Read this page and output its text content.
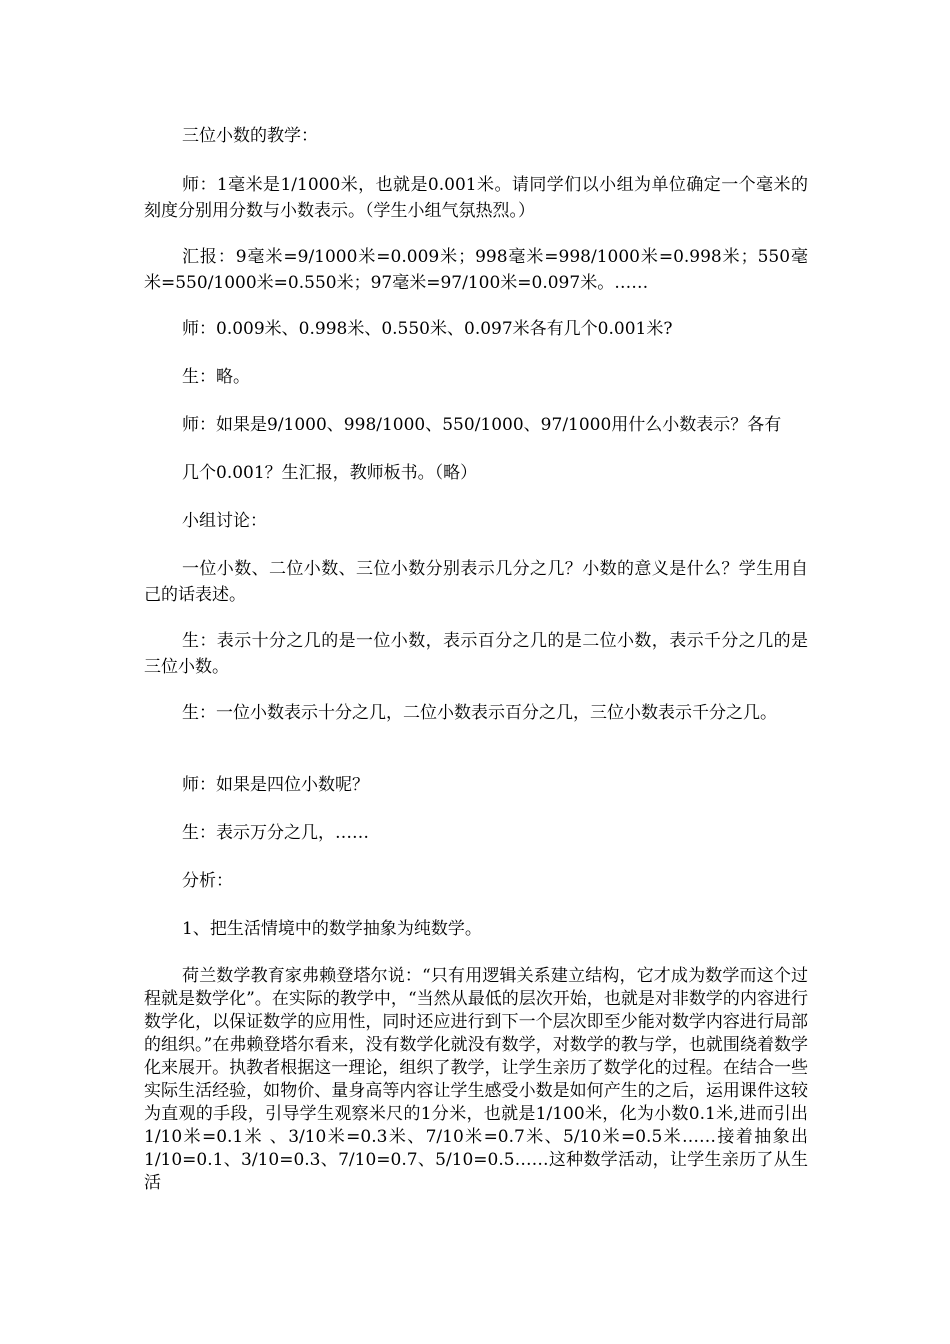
三位小数的教学：

师：1毫米是1/1000米，也就是0.001米。请同学们以小组为单位确定一个毫米的刻度分别用分数与小数表示。（学生小组气氛热烈。）

汇报：9毫米=9/1000米=0.009米；998毫米=998/1000米=0.998米；550毫米=550/1000米=0.550米；97毫米=97/100米=0.097米。……

师：0.009米、0.998米、0.550米、0.097米各有几个0.001米?

生：略。

师：如果是9/1000、998/1000、550/1000、97/1000用什么小数表示？各有

几个0.001？生汇报，教师板书。（略）

小组讨论：

一位小数、二位小数、三位小数分别表示几分之几？小数的意义是什么？学生用自己的话表述。

生：表示十分之几的是一位小数，表示百分之几的是二位小数，表示千分之几的是三位小数。

生：一位小数表示十分之几，二位小数表示百分之几，三位小数表示千分之几。

师：如果是四位小数呢？

生：表示万分之几，……

分析：

1、把生活情境中的数学抽象为纯数学。

荷兰数学教育家弗赖登塔尔说：“只有用逻辑关系建立结构，它才成为数学而这个过程就是数学化”。在实际的教学中，“当然从最低的层次开始，也就是对非数学的内容进行数学化，以保证数学的应用性，同时还应进行到下一个层次即至少能对数学内容进行局部的组织。”在弗赖登塔尔看来，没有数学化就没有数学，对数学的教与学，也就围绕着数学化来展开。执教者根据这一理论，组织了教学，让学生亲历了数学化的过程。在结合一些实际生活经验，如物价、量身高等内容让学生感受小数是如何产生的之后，运用课件这较为直观的手段，引导学生观察米尺的1分米，也就是1/100米，化为小数0.1米,进而引出1/10米=0.1米 、3/10米=0.3米、7/10米=0.7米、5/10米=0.5米……接着抽象出1/10=0.1、3/10=0.3、7/10=0.7、5/10=0.5……这种数学活动，让学生亲历了从生活
